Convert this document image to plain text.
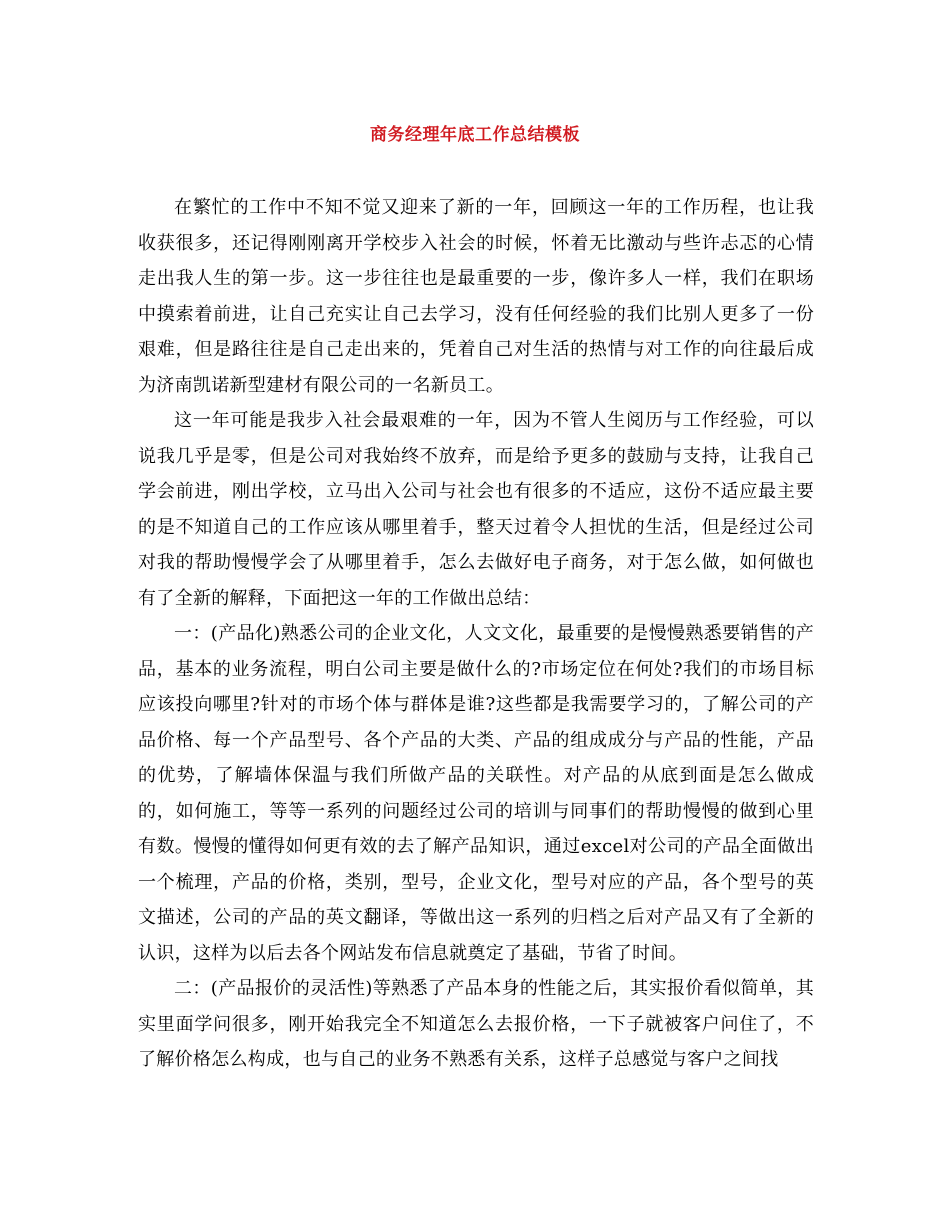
商务经理年底工作总结模板

在繁忙的工作中不知不觉又迎来了新的一年，回顾这一年的工作历程，也让我收获很多，还记得刚刚离开学校步入社会的时候，怀着无比激动与些许忐忑的心情走出我人生的第一步。这一步往往也是最重要的一步，像许多人一样，我们在职场中摸索着前进，让自己充实让自己去学习，没有任何经验的我们比别人更多了一份艰难，但是路往往是自己走出来的，凭着自己对生活的热情与对工作的向往最后成为济南凯诺新型建材有限公司的一名新员工。

这一年可能是我步入社会最艰难的一年，因为不管人生阅历与工作经验，可以说我几乎是零，但是公司对我始终不放弃，而是给予更多的鼓励与支持，让我自己学会前进，刚出学校，立马出入公司与社会也有很多的不适应，这份不适应最主要的是不知道自己的工作应该从哪里着手，整天过着令人担忧的生活，但是经过公司对我的帮助慢慢学会了从哪里着手，怎么去做好电子商务，对于怎么做，如何做也有了全新的解释，下面把这一年的工作做出总结：

一：(产品化)熟悉公司的企业文化，人文文化，最重要的是慢慢熟悉要销售的产品，基本的业务流程，明白公司主要是做什么的?市场定位在何处?我们的市场目标应该投向哪里?针对的市场个体与群体是谁?这些都是我需要学习的，了解公司的产品价格、每一个产品型号、各个产品的大类、产品的组成成分与产品的性能，产品的优势，了解墙体保温与我们所做产品的关联性。对产品的从底到面是怎么做成的，如何施工，等等一系列的问题经过公司的培训与同事们的帮助慢慢的做到心里有数。慢慢的懂得如何更有效的去了解产品知识，通过excel对公司的产品全面做出一个梳理，产品的价格，类别，型号，企业文化，型号对应的产品，各个型号的英文描述，公司的产品的英文翻译，等做出这一系列的归档之后对产品又有了全新的认识，这样为以后去各个网站发布信息就奠定了基础，节省了时间。

二：(产品报价的灵活性)等熟悉了产品本身的性能之后，其实报价看似简单，其实里面学问很多，刚开始我完全不知道怎么去报价格，一下子就被客户问住了，不了解价格怎么构成，也与自己的业务不熟悉有关系，这样子总感觉与客户之间找
